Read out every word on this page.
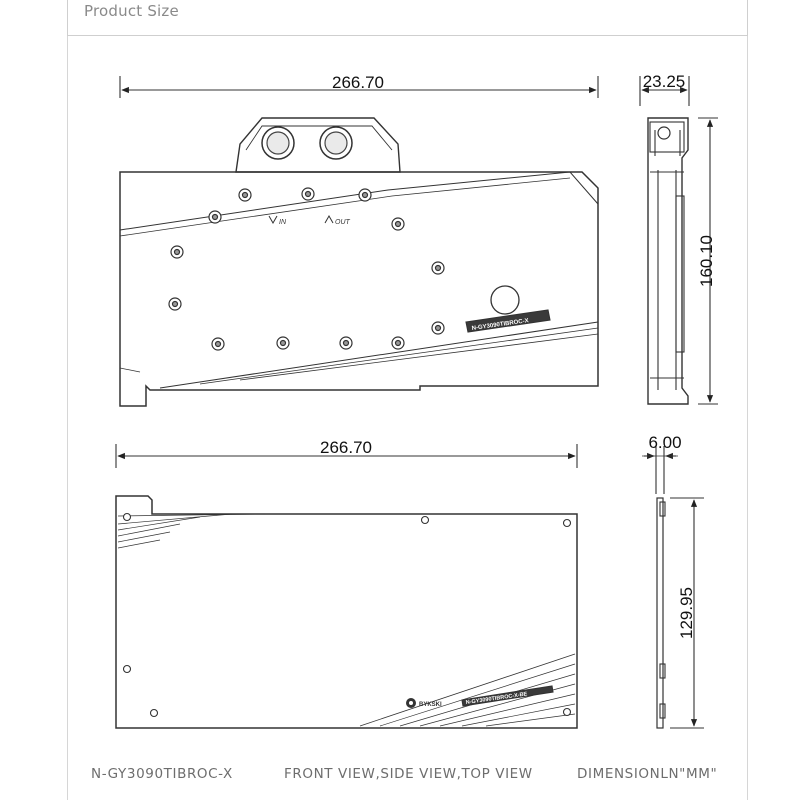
Product Size
IN	OUT
N-GY3090TIBROC-X
266.70	23.25
160.10
BYKSKI	N-GY3090TIBROC-X-BE
266.70	6.00
129.95
N-GY3090TIBROC-X	FRONT VIEW,SIDE VIEW,TOP VIEW	DIMENSIONLN"MM"
